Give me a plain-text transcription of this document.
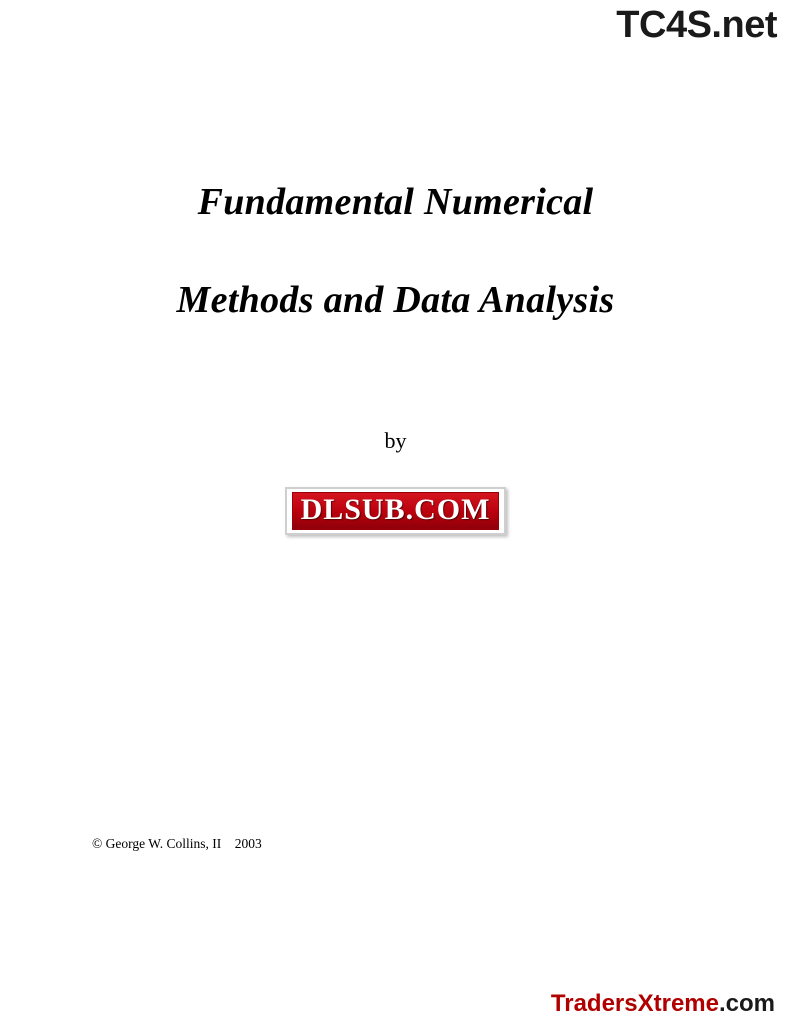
TC4S.net
Fundamental Numerical
Methods and Data Analysis
by
DLSUB.COM
© George W. Collins, II    2003
TradersXtreme.com
